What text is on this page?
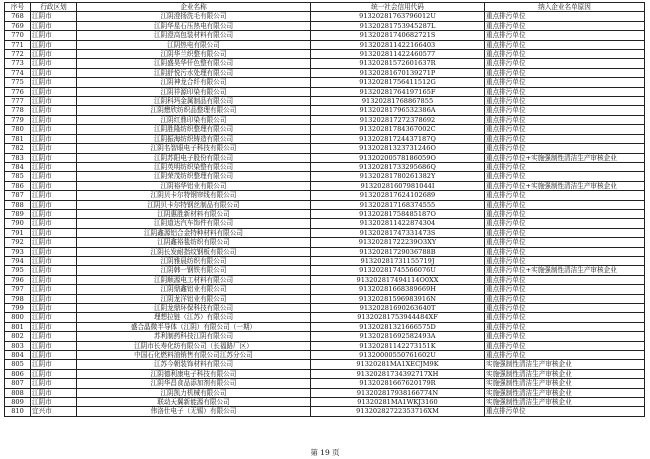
序号	行政区划	企业名称	统一社会信用代码	纳入企业名单原因
768	江阴市	江阴澄扬洗毛有限公司	91320281763796012U	重点排污单位
769	江阴市	江阴华星石压热电有限公司	91320281753945287L	重点排污单位
770	江阴市	江阴澄高包装材料有限公司	91320281740682721S	重点排污单位
771	江阴市	江阴热电有限公司	913202811422166403	重点排污单位
772	江阴市	江阴华兰织整有限公司	913202811422460577	重点排污单位
773	江阴市	江阴盛昊华仟色整有限公司	91320281572601637R	重点排污单位
774	江阴市	江阴舒悦污水处理有限公司	91320281670139271P	重点排污单位
775	江阴市	江阴神龙合纤有限公司	91320281756411512G	重点排污单位
776	江阴市	江阴祥源印染有限公司	91320281764197165F	重点排污单位
777	江阴市	江阴科玛金属制品有限公司	91320281768867855	重点排污单位
778	江阴市	江阴懋欣纺织品整理有限公司	91320281796532386A	重点排污单位
779	江阴市	江阴红鼎印染有限公司	913202817272378692	重点排污单位
780	江阴市	江阴胜隆纺织整理有限公司	91320281784367002C	重点排污单位
781	江阴市	江阴振海纺织铸造有限公司	91320281724437187Q	重点排污单位
782	江阴市	江阴名智眼电子科技有限公司	91320281323731246O	重点排污单位
783	江阴市	江阴苏阳电子股份有限公司	91320200578186059O	重点排污单位+实施强制性清洁生产审核企业
784	江阴市	江阴英明纺织染整有限公司	91320281733295686Q	重点排污单位
785	江阴市	江阴荣茂纺织整理有限公司	91320281780261382Y	重点排污单位
786	江阴市	江阴裕华铝业有限公司	91320281607981044I	重点排污单位+实施强制性清洁生产审核企业
787	江阴市	江阴贝卡尔特钢帘线有限公司	913202817624102689	重点排污单位
788	江阴市	江阴贝卡尔特钢丝制品有限公司	913202817168374555	重点排污单位
789	江阴市	江阴惠胜新材料有限公司	91320281758485187O	重点排污单位
790	江阴市	江阴道达汽车饰件有限公司	913202811422874304	重点排污单位
791	江阴市	江阴鑫源铝合金特种材料有限公司	91320281747331473S	重点排污单位
792	江阴市	江阴鑫裕毯纺织有限公司	91320281722239O3XY	重点排污单位
793	江阴市	江阴长发耐指纹钢板有限公司	91320281729036788B	重点排污单位
794	江阴市	江阴雅晨纺织有限公司	91320281731155719J	重点排污单位
795	江阴市	江阴韩一钢铁有限公司	91320281745566076U	重点排污单位+实施强制性清洁生产审核企业
796	江阴市	江阴顺源电工材料有限公司	913202817494114O0XX	重点排污单位
797	江阴市	江阴鼎鑫铝业有限公司	91320281668389669H	重点排污单位
798	江阴市	江阴龙洋铝业有限公司	91320281596983916N	重点排污单位
799	江阴市	江阴龙鼎环保科技有限公司	91320281690263640T	重点排污单位
800	江阴市	理想拉链（江苏）有限公司	91320281753944484XF	重点排污单位
801	江阴市	盛合晶微半导体（江阴）有限公司（一期）	91320281321666575D	重点排污单位
802	江阴市	苏利制药科技江阴有限公司	91320281692582493A	重点排污单位
803	江阴市	江阴市长寿化纺有限公司（长福路厂区）	91320281142273151K	重点排污单位
804	江阴市	中国石化燃料油销售有限公司江苏分公司	91320000550761602U	重点排污单位
805	江阴市	江苏今朝装饰材料有限公司	91320281MA1XECJM9K	实施强制性清洁生产审核企业
806	江阴市	江阴德利康电子科技有限公司	91320281734392717XH	实施强制性清洁生产审核企业
807	江阴市	江阴华昌食品添加剂有限公司	91320281667620179R	实施强制性清洁生产审核企业
808	江阴市	江阴凯力机械有限公司	913202817938166774N	实施强制性清洁生产审核企业
809	江阴市	联动天翼新能源有限公司	91320281MA1WKJ3160	实施强制性清洁生产审核企业
810	宜兴市	伟洛仕电子（无锡）有限公司	91320282722353716XM	重点排污单位
第 19 页
